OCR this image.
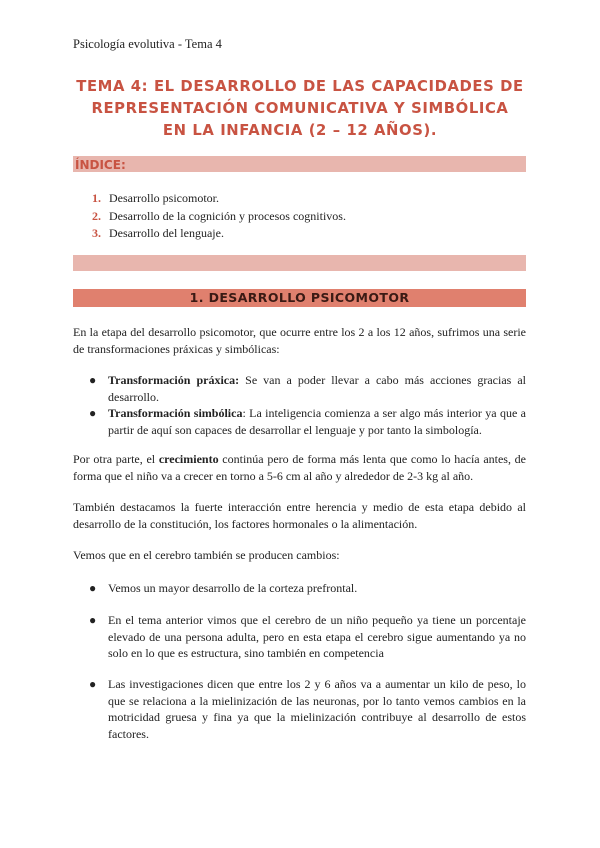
Psicología evolutiva - Tema 4
TEMA 4: EL DESARROLLO DE LAS CAPACIDADES DE
REPRESENTACIÓN COMUNICATIVA Y SIMBÓLICA
EN LA INFANCIA (2 – 12 AÑOS).
ÍNDICE:
1. Desarrollo psicomotor.
2. Desarrollo de la cognición y procesos cognitivos.
3. Desarrollo del lenguaje.
1. DESARROLLO PSICOMOTOR
En la etapa del desarrollo psicomotor, que ocurre entre los 2 a los 12 años, sufrimos una serie de transformaciones práxicas y simbólicas:
● Transformación práxica: Se van a poder llevar a cabo más acciones gracias al desarrollo.
● Transformación simbólica: La inteligencia comienza a ser algo más interior ya que a partir de aquí son capaces de desarrollar el lenguaje y por tanto la simbología.
Por otra parte, el crecimiento continúa pero de forma más lenta que como lo hacía antes, de forma que el niño va a crecer en torno a 5-6 cm al año y alrededor de 2-3 kg al año.
También destacamos la fuerte interacción entre herencia y medio de esta etapa debido al desarrollo de la constitución, los factores hormonales o la alimentación.
Vemos que en el cerebro también se producen cambios:
● Vemos un mayor desarrollo de la corteza prefrontal.
● En el tema anterior vimos que el cerebro de un niño pequeño ya tiene un porcentaje elevado de una persona adulta, pero en esta etapa el cerebro sigue aumentando ya no solo en lo que es estructura, sino también en competencia
● Las investigaciones dicen que entre los 2 y 6 años va a aumentar un kilo de peso, lo que se relaciona a la mielinización de las neuronas, por lo tanto vemos cambios en la motricidad gruesa y fina ya que la mielinización contribuye al desarrollo de estos factores.
